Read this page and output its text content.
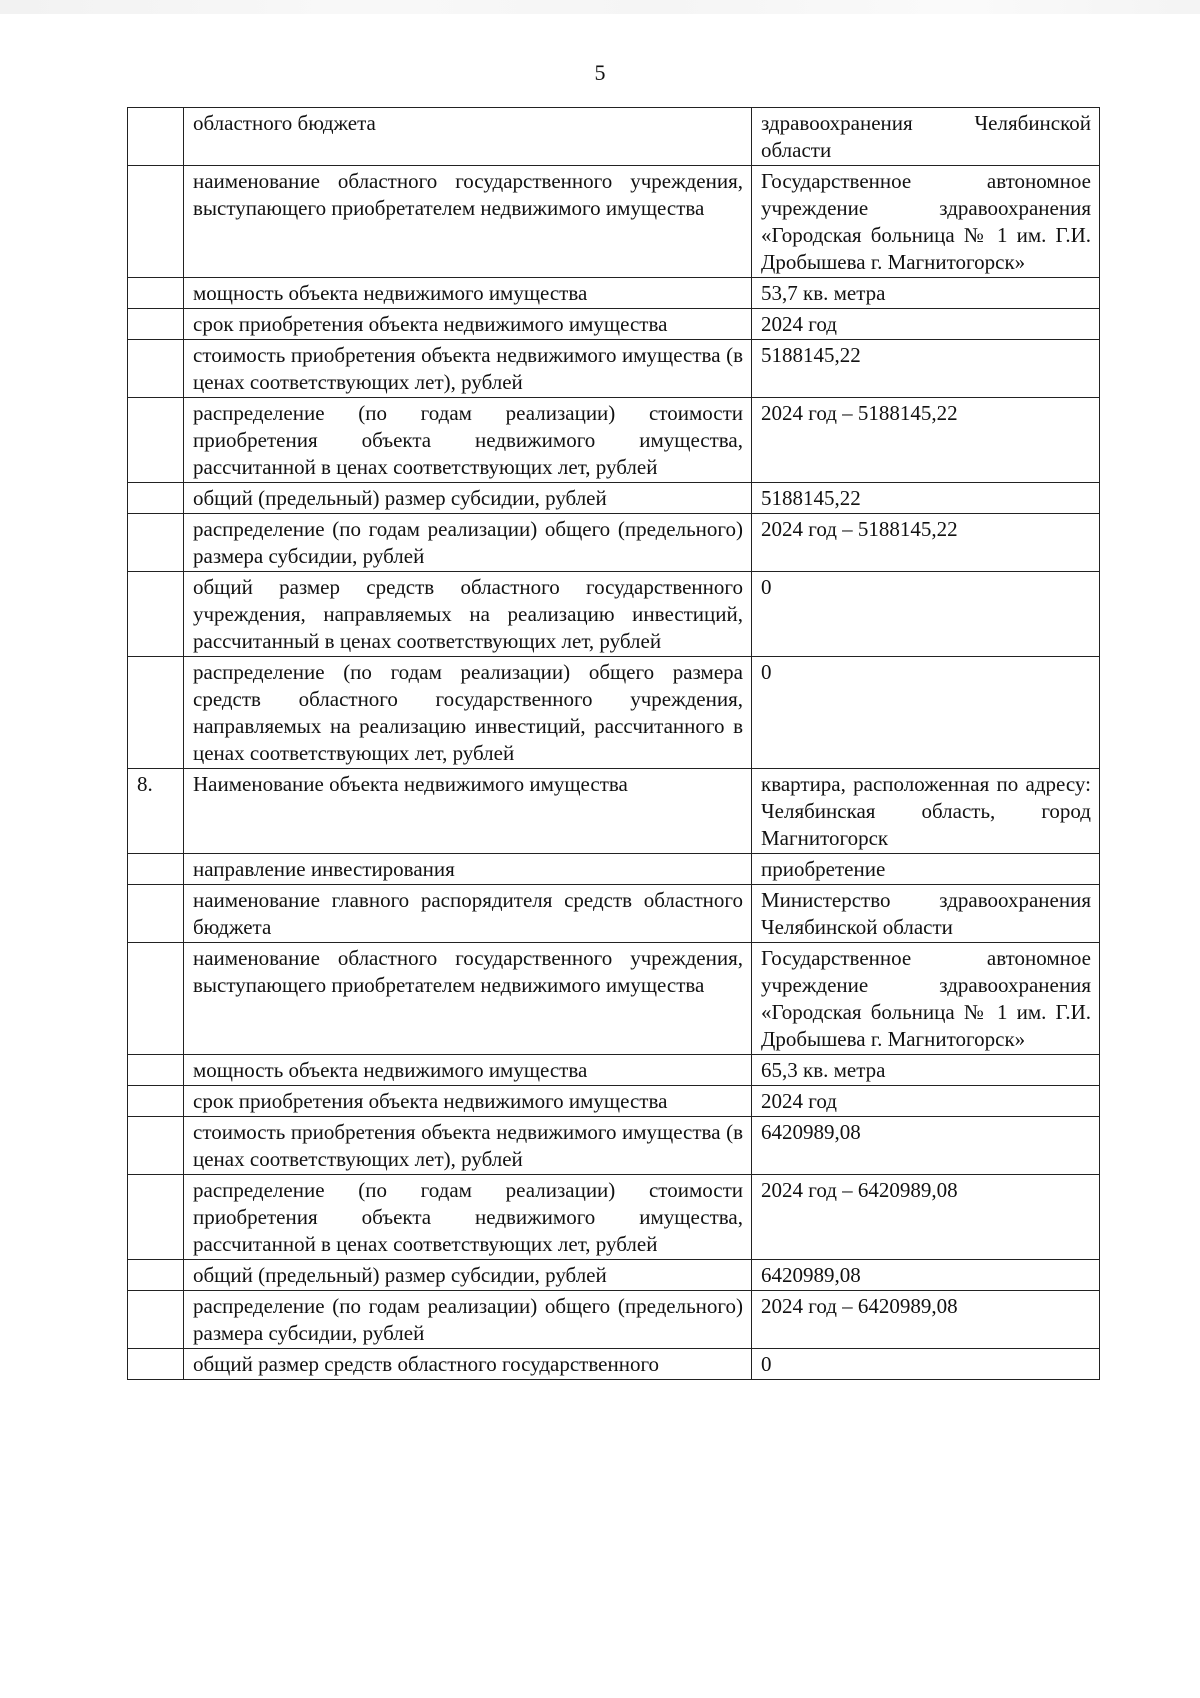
5
	областного бюджета	здравоохранения Челябинской области
	наименование областного государственного учреждения, выступающего приобретателем недвижимого имущества	Государственное автономное учреждение здравоохранения «Городская больница № 1 им. Г.И. Дробышева г. Магнитогорск»
	мощность объекта недвижимого имущества	53,7 кв. метра
	срок приобретения объекта недвижимого имущества	2024 год
	стоимость приобретения объекта недвижимого имущества (в ценах соответствующих лет), рублей	5188145,22
	распределение (по годам реализации) стоимости приобретения объекта недвижимого имущества, рассчитанной в ценах соответствующих лет, рублей	2024 год – 5188145,22
	общий (предельный) размер субсидии, рублей	5188145,22
	распределение (по годам реализации) общего (предельного) размера субсидии, рублей	2024 год – 5188145,22
	общий размер средств областного государственного учреждения, направляемых на реализацию инвестиций, рассчитанный в ценах соответствующих лет, рублей	0
	распределение (по годам реализации) общего размера средств областного государственного учреждения, направляемых на реализацию инвестиций, рассчитанного в ценах соответствующих лет, рублей	0
8.	Наименование объекта недвижимого имущества	квартира, расположенная по адресу: Челябинская область, город Магнитогорск
	направление инвестирования	приобретение
	наименование главного распорядителя средств областного бюджета	Министерство здравоохранения Челябинской области
	наименование областного государственного учреждения, выступающего приобретателем недвижимого имущества	Государственное автономное учреждение здравоохранения «Городская больница № 1 им. Г.И. Дробышева г. Магнитогорск»
	мощность объекта недвижимого имущества	65,3 кв. метра
	срок приобретения объекта недвижимого имущества	2024 год
	стоимость приобретения объекта недвижимого имущества (в ценах соответствующих лет), рублей	6420989,08
	распределение (по годам реализации) стоимости приобретения объекта недвижимого имущества, рассчитанной в ценах соответствующих лет, рублей	2024 год – 6420989,08
	общий (предельный) размер субсидии, рублей	6420989,08
	распределение (по годам реализации) общего (предельного) размера субсидии, рублей	2024 год – 6420989,08
	общий размер средств областного государственного	0
